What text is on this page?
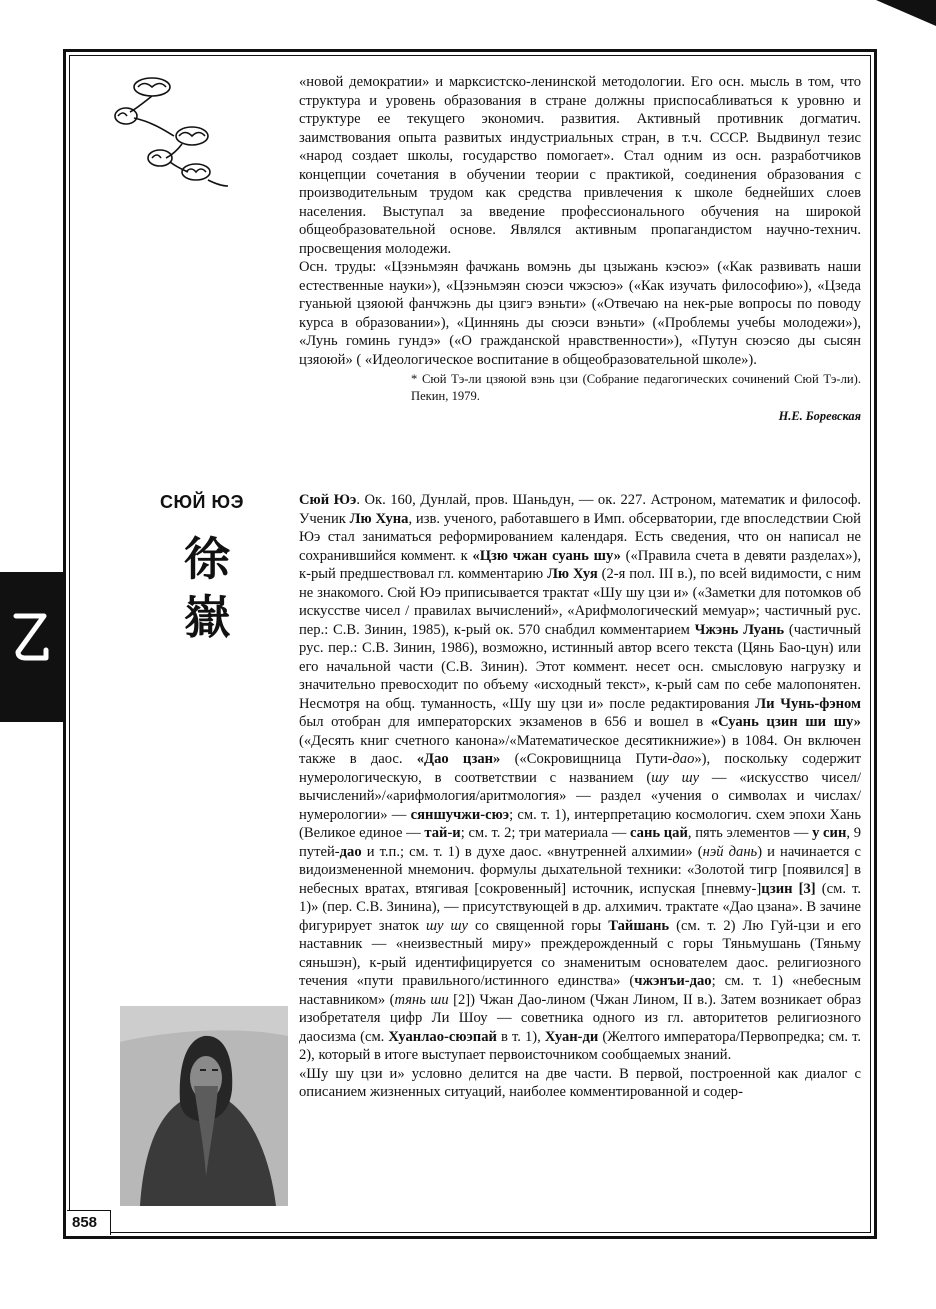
«новой демократии» и марксистско-ленинской методологии. Его осн. мысль в том, что структура и уровень образования в стране должны приспосабливаться к уровню и структуре ее текущего экономич. развития. Активный противник догматич. заимствования опыта развитых индустриальных стран, в т.ч. СССР. Выдвинул тезис «народ создает школы, государство помогает». Стал одним из осн. разработчиков концепции сочетания в обучении теории с практикой, соединения образования с производительным трудом как средства привлечения к школе беднейших слоев населения. Выступал за введение профессионального обучения на широкой общеобразовательной основе. Являлся активным пропагандистом научно-технич. просвещения молодежи.

Осн. труды: «Цзэньмэян фачжань вомэнь ды цзыжань кэсюэ» («Как развивать наши естественные науки»), «Цзэньмэян сюэси чжэсюэ» («Как изучать философию»), «Цзеда гуаньюй цзяоюй фанчжэнь ды цзигэ вэньти» («Отвечаю на нек-рые вопросы по поводу курса в образовании»), «Циннянь ды сюэси вэньти» («Проблемы учебы молодежи»), «Лунь гоминь гундэ» («О гражданской нравственности»), «Путун сюэсяо ды сысян цзяоюй» ( «Идеологическое воспитание в общеобразовательной школе»).

* Сюй Тэ-ли цзяоюй вэнь цзи (Собрание педагогических сочинений Сюй Тэ-ли). Пекин, 1979.

Н.Е. Боревская

СЮЙ ЮЭ
徐
嶽

Сюй Юэ. Ок. 160, Дунлай, пров. Шаньдун, — ок. 227. Астроном, математик и философ. Ученик Лю Хуна, изв. ученого, работавшего в Имп. обсерватории, где впоследствии Сюй Юэ стал заниматься реформированием календаря. Есть сведения, что он написал не сохранившийся коммент. к «Цзю чжан суань шу» («Правила счета в девяти разделах»), к-рый предшествовал гл. комментарию Лю Хуя (2-я пол. III в.), по всей видимости, с ним не знакомого. Сюй Юэ приписывается трактат «Шу шу цзи и» («Заметки для потомков об искусстве чисел / правилах вычислений», «Арифмологический мемуар»; частичный рус. пер.: С.В. Зинин, 1985), к-рый ок. 570 снабдил комментарием Чжэнь Луань (частичный рус. пер.: С.В. Зинин, 1986), возможно, истинный автор всего текста (Цянь Бао-цун) или его начальной части (С.В. Зинин). Этот коммент. несет осн. смысловую нагрузку и значительно превосходит по объему «исходный текст», к-рый сам по себе малопонятен. Несмотря на общ. туманность, «Шу шу цзи и» после редактирования Ли Чунь-фэном был отобран для императорских экзаменов в 656 и вошел в «Суань цзин ши шу» («Десять книг счетного канона»/«Математическое десятикнижие») в 1084. Он включен также в даос. «Дао цзан» («Сокровищница Пути-дао»), поскольку содержит нумерологическую, в соответствии с названием (шу шу — «искусство чисел/вычислений»/«арифмология/аритмология» — раздел «учения о символах и числах/нумерологии» — сяншучжи-сюэ; см. т. 1), интерпретацию космологич. схем эпохи Хань (Великое единое — тай-и; см. т. 2; три материала — сань цай, пять элементов — у син, 9 путей-дао и т.п.; см. т. 1) в духе даос. «внутренней алхимии» (нэй дань) и начинается с видоизмененной мнемонич. формулы дыхательной техники: «Золотой тигр [появился] в небесных вратах, втягивая [сокровенный] источник, испуская [пневму-]цзин [3] (см. т. 1)» (пер. С.В. Зинина), — присутствующей в др. алхимич. трактате «Дао цзана». В зачине фигурирует знаток шу шу со священной горы Тайшань (см. т. 2) Лю Гуй-цзи и его наставник — «неизвестный миру» преждерожденный с горы Тяньмушань (Тяньму сяньшэн), к-рый идентифицируется со знаменитым основателем даос. религиозного течения «пути правильного/истинного единства» (чжэнъи-дао; см. т. 1) «небесным наставником» (тянь ши [2]) Чжан Дао-лином (Чжан Лином, II в.). Затем возникает образ изобретателя цифр Ли Шоу — советника одного из гл. авторитетов религиозного даосизма (см. Хуанлао-сюэпай в т. 1), Хуан-ди (Желтого императора/Первопредка; см. т. 2), который в итоге выступает первоисточником сообщаемых знаний.

«Шу шу цзи и» условно делится на две части. В первой, построенной как диалог с описанием жизненных ситуаций, наиболее комментированной и содер-

858
